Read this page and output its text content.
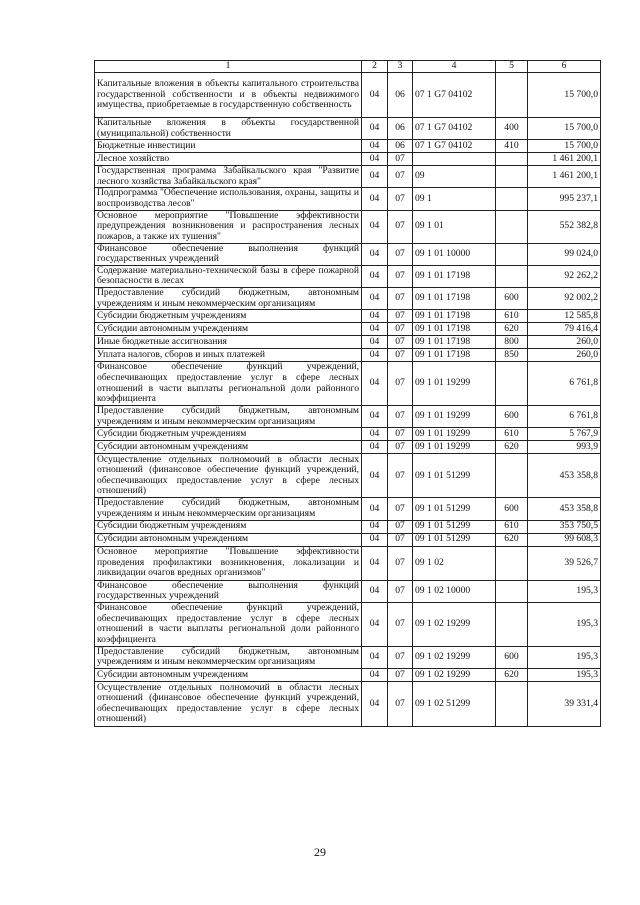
1	2	3	4	5	6
Капитальные вложения в объекты капитального строительства государственной собственности и в объекты недвижимого имущества, приобретаемые в государственную собственность	04	06	07 1 G7 04102		15 700,0
Капитальные вложения в объекты государственной (муниципальной) собственности	04	06	07 1 G7 04102	400	15 700,0
Бюджетные инвестиции	04	06	07 1 G7 04102	410	15 700,0
Лесное хозяйство	04	07			1 461 200,1
Государственная программа Забайкальского края "Развитие лесного хозяйства Забайкальского края"	04	07	09		1 461 200,1
Подпрограмма "Обеспечение использования, охраны, защиты и воспроизводства лесов"	04	07	09 1		995 237,1
Основное мероприятие "Повышение эффективности предупреждения возникновения и распространения лесных пожаров, а также их тушения"	04	07	09 1 01		552 382,8
Финансовое обеспечение выполнения функций государственных учреждений	04	07	09 1 01 10000		99 024,0
Содержание материально-технической базы в сфере пожарной безопасности в лесах	04	07	09 1 01 17198		92 262,2
Предоставление субсидий бюджетным, автономным учреждениям и иным некоммерческим организациям	04	07	09 1 01 17198	600	92 002,2
Субсидии бюджетным учреждениям	04	07	09 1 01 17198	610	12 585,8
Субсидии автономным учреждениям	04	07	09 1 01 17198	620	79 416,4
Иные бюджетные ассигнования	04	07	09 1 01 17198	800	260,0
Уплата налогов, сборов и иных платежей	04	07	09 1 01 17198	850	260,0
Финансовое обеспечение функций учреждений, обеспечивающих предоставление услуг в сфере лесных отношений в части выплаты региональной доли районного коэффициента	04	07	09 1 01 19299		6 761,8
Предоставление субсидий бюджетным, автономным учреждениям и иным некоммерческим организациям	04	07	09 1 01 19299	600	6 761,8
Субсидии бюджетным учреждениям	04	07	09 1 01 19299	610	5 767,9
Субсидии автономным учреждениям	04	07	09 1 01 19299	620	993,9
Осуществление отдельных полномочий в области лесных отношений (финансовое обеспечение функций учреждений, обеспечивающих предоставление услуг в сфере лесных отношений)	04	07	09 1 01 51299		453 358,8
Предоставление субсидий бюджетным, автономным учреждениям и иным некоммерческим организациям	04	07	09 1 01 51299	600	453 358,8
Субсидии бюджетным учреждениям	04	07	09 1 01 51299	610	353 750,5
Субсидии автономным учреждениям	04	07	09 1 01 51299	620	99 608,3
Основное мероприятие "Повышение эффективности проведения профилактики возникновения, локализации и ликвидации очагов вредных организмов"	04	07	09 1 02		39 526,7
Финансовое обеспечение выполнения функций государственных учреждений	04	07	09 1 02 10000		195,3
Финансовое обеспечение функций учреждений, обеспечивающих предоставление услуг в сфере лесных отношений в части выплаты региональной доли районного коэффициента	04	07	09 1 02 19299		195,3
Предоставление субсидий бюджетным, автономным учреждениям и иным некоммерческим организациям	04	07	09 1 02 19299	600	195,3
Субсидии автономным учреждениям	04	07	09 1 02 19299	620	195,3
Осуществление отдельных полномочий в области лесных отношений (финансовое обеспечение функций учреждений, обеспечивающих предоставление услуг в сфере лесных отношений)	04	07	09 1 02 51299		39 331,4
29
